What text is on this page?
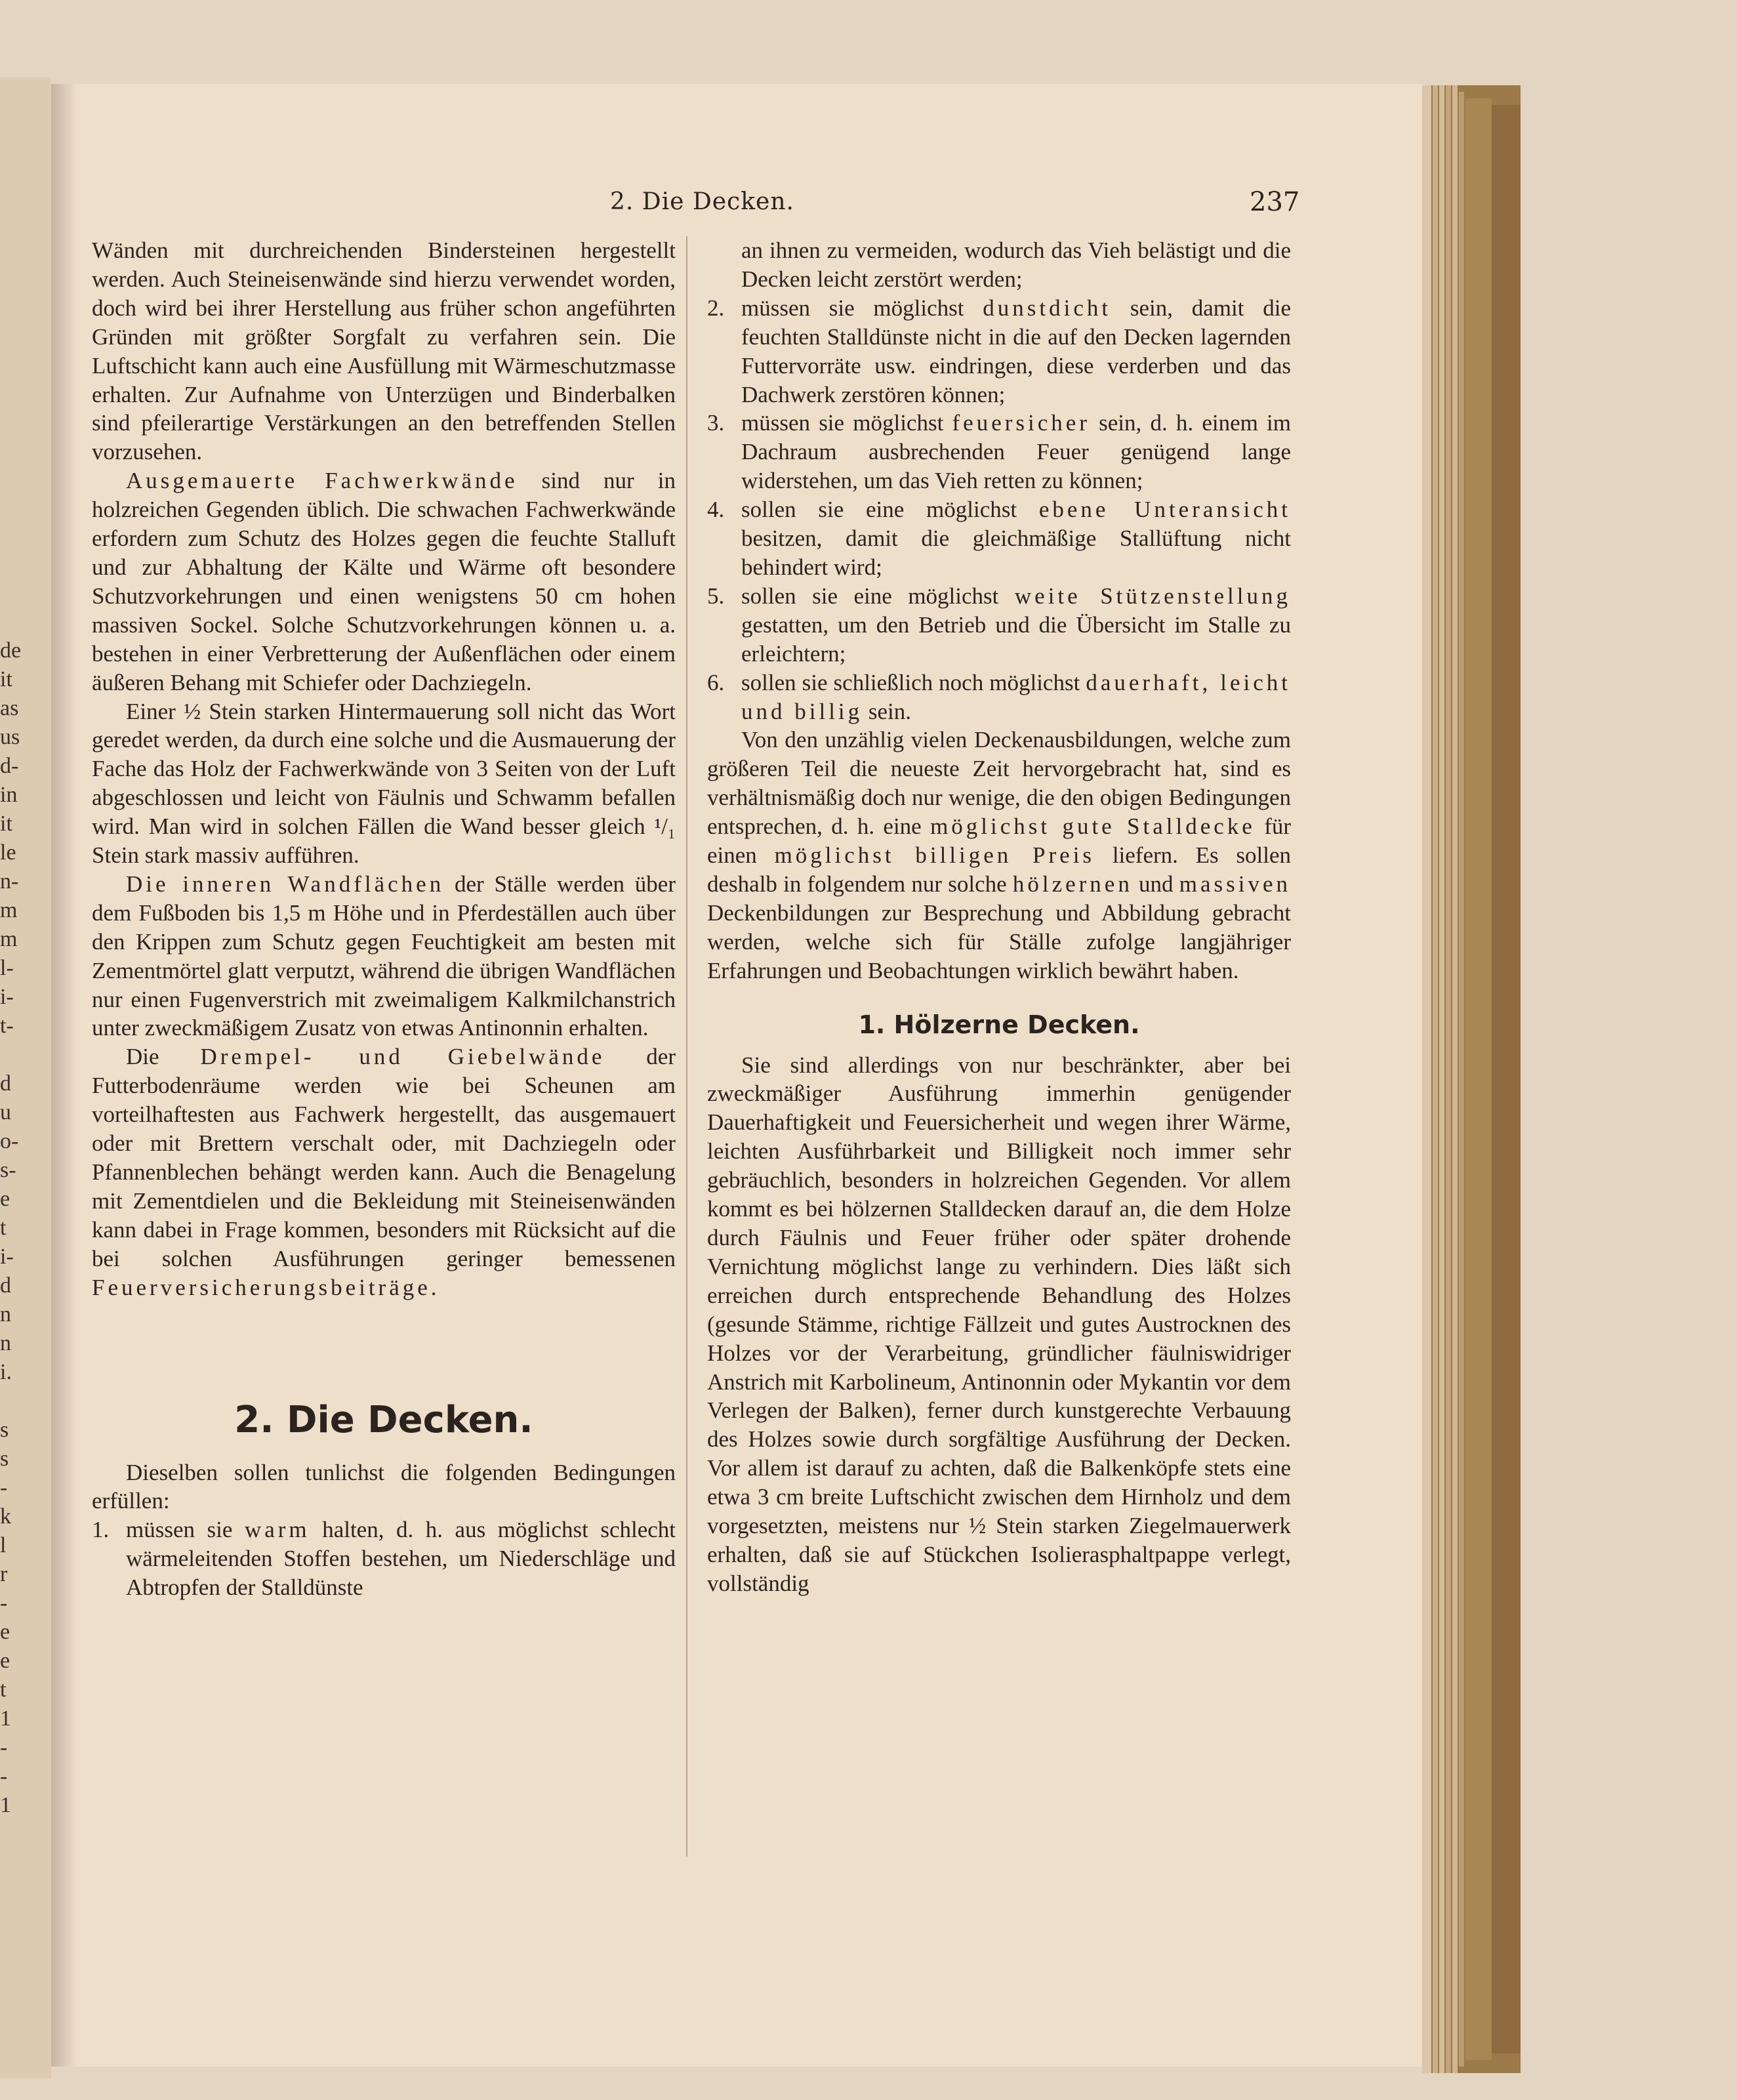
de
it
as
us
d-
in
it
le
n-
m
m
l-
i-
t-
d
u
o-
s-
e
t
i-
d
n
n
i.
s
s
-
k
l
r
-
e
e
t
1
-
-
1
2. Die Decken.	237

Wänden mit durchreichenden Bindersteinen hergestellt werden. Auch Steineisenwände sind hierzu verwendet worden, doch wird bei ihrer Herstellung aus früher schon angeführten Gründen mit größter Sorgfalt zu verfahren sein. Die Luftschicht kann auch eine Ausfüllung mit Wärmeschutzmasse erhalten. Zur Aufnahme von Unterzügen und Binderbalken sind pfeilerartige Verstärkungen an den betreffenden Stellen vorzusehen.

Ausgemauerte Fachwerkwände sind nur in holzreichen Gegenden üblich. Die schwachen Fachwerkwände erfordern zum Schutz des Holzes gegen die feuchte Stalluft und zur Abhaltung der Kälte und Wärme oft besondere Schutzvorkehrungen und einen wenigstens 50 cm hohen massiven Sockel. Solche Schutzvorkehrungen können u. a. bestehen in einer Verbretterung der Außenflächen oder einem äußeren Behang mit Schiefer oder Dachziegeln.

Einer ½ Stein starken Hintermauerung soll nicht das Wort geredet werden, da durch eine solche und die Ausmauerung der Fache das Holz der Fachwerkwände von 3 Seiten von der Luft abgeschlossen und leicht von Fäulnis und Schwamm befallen wird. Man wird in solchen Fällen die Wand besser gleich ¹/₁ Stein stark massiv aufführen.

Die inneren Wandflächen der Ställe werden über dem Fußboden bis 1,5 m Höhe und in Pferdeställen auch über den Krippen zum Schutz gegen Feuchtigkeit am besten mit Zementmörtel glatt verputzt, während die übrigen Wandflächen nur einen Fugenverstrich mit zweimaligem Kalkmilchanstrich unter zweckmäßigem Zusatz von etwas Antinonnin erhalten.

Die Drempel- und Giebelwände der Futterbodenräume werden wie bei Scheunen am vorteilhaftesten aus Fachwerk hergestellt, das ausgemauert oder mit Brettern verschalt oder, mit Dachziegeln oder Pfannenblechen behängt werden kann. Auch die Benagelung mit Zementdielen und die Bekleidung mit Steineisenwänden kann dabei in Frage kommen, besonders mit Rücksicht auf die bei solchen Ausführungen geringer bemessenen Feuerversicherungsbeiträge.

2. Die Decken.

Dieselben sollen tunlichst die folgenden Bedingungen erfüllen:

1. müssen sie warm halten, d. h. aus möglichst schlecht wärmeleitenden Stoffen bestehen, um Niederschläge und Abtropfen der Stalldünste
an ihnen zu vermeiden, wodurch das Vieh belästigt und die Decken leicht zerstört werden;
2. müssen sie möglichst dunstdicht sein, damit die feuchten Stalldünste nicht in die auf den Decken lagernden Futtervorräte usw. eindringen, diese verderben und das Dachwerk zerstören können;
3. müssen sie möglichst feuersicher sein, d. h. einem im Dachraum ausbrechenden Feuer genügend lange widerstehen, um das Vieh retten zu können;
4. sollen sie eine möglichst ebene Unteransicht besitzen, damit die gleichmäßige Stallüftung nicht behindert wird;
5. sollen sie eine möglichst weite Stützenstellung gestatten, um den Betrieb und die Übersicht im Stalle zu erleichtern;
6. sollen sie schließlich noch möglichst dauerhaft, leicht und billig sein.

Von den unzählig vielen Deckenausbildungen, welche zum größeren Teil die neueste Zeit hervorgebracht hat, sind es verhältnismäßig doch nur wenige, die den obigen Bedingungen entsprechen, d. h. eine möglichst gute Stalldecke für einen möglichst billigen Preis liefern. Es sollen deshalb in folgendem nur solche hölzernen und massiven Deckenbildungen zur Besprechung und Abbildung gebracht werden, welche sich für Ställe zufolge langjähriger Erfahrungen und Beobachtungen wirklich bewährt haben.

1. Hölzerne Decken.

Sie sind allerdings von nur beschränkter, aber bei zweckmäßiger Ausführung immerhin genügender Dauerhaftigkeit und Feuersicherheit und wegen ihrer Wärme, leichten Ausführbarkeit und Billigkeit noch immer sehr gebräuchlich, besonders in holzreichen Gegenden. Vor allem kommt es bei hölzernen Stalldecken darauf an, die dem Holze durch Fäulnis und Feuer früher oder später drohende Vernichtung möglichst lange zu verhindern. Dies läßt sich erreichen durch entsprechende Behandlung des Holzes (gesunde Stämme, richtige Fällzeit und gutes Austrocknen des Holzes vor der Verarbeitung, gründlicher fäulniswidriger Anstrich mit Karbolineum, Antinonnin oder Mykantin vor dem Verlegen der Balken), ferner durch kunstgerechte Verbauung des Holzes sowie durch sorgfältige Ausführung der Decken. Vor allem ist darauf zu achten, daß die Balkenköpfe stets eine etwa 3 cm breite Luftschicht zwischen dem Hirnholz und dem vorgesetzten, meistens nur ½ Stein starken Ziegelmauerwerk erhalten, daß sie auf Stückchen Isolierasphaltpappe verlegt, vollständig
